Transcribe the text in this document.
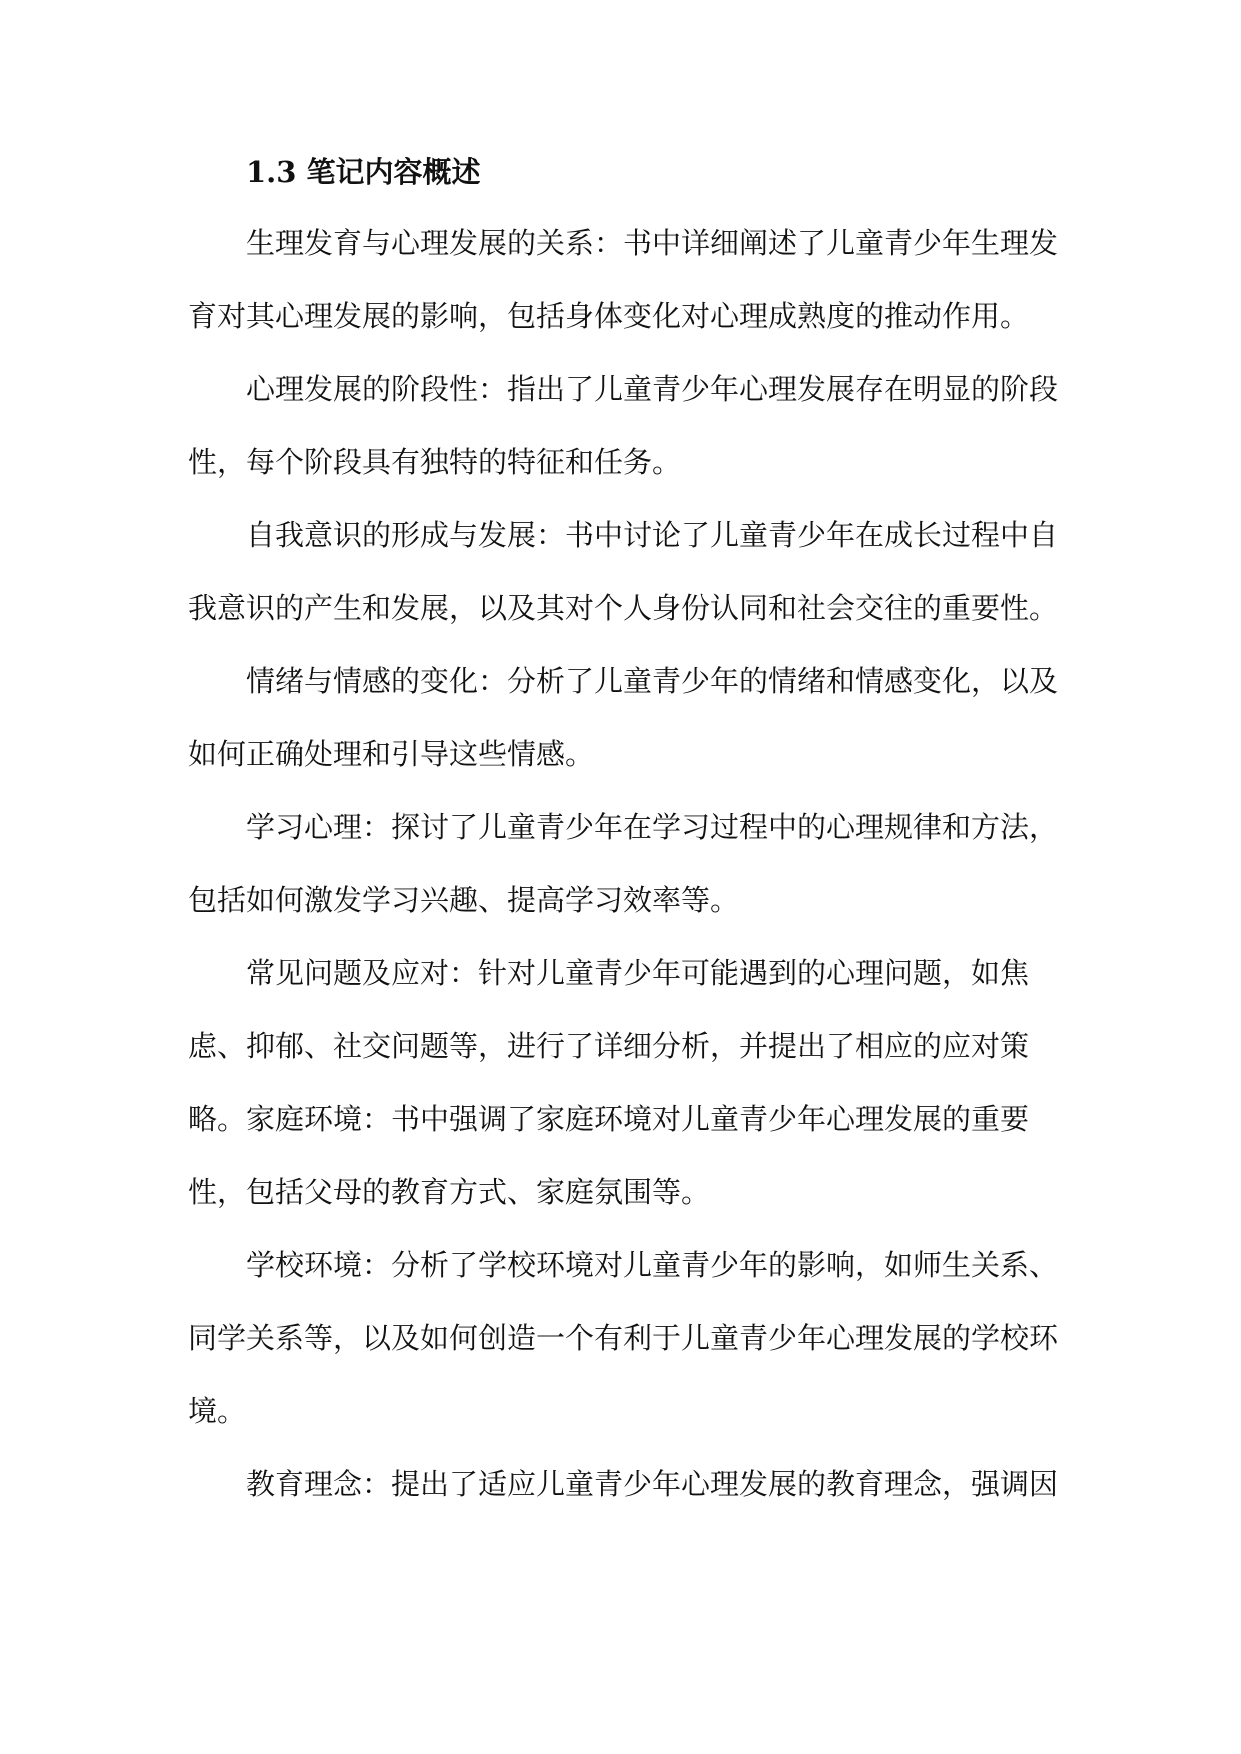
1.3 笔记内容概述

生理发育与心理发展的关系：书中详细阐述了儿童青少年生理发育对其心理发展的影响，包括身体变化对心理成熟度的推动作用。

心理发展的阶段性：指出了儿童青少年心理发展存在明显的阶段性，每个阶段具有独特的特征和任务。

自我意识的形成与发展：书中讨论了儿童青少年在成长过程中自我意识的产生和发展，以及其对个人身份认同和社会交往的重要性。

情绪与情感的变化：分析了儿童青少年的情绪和情感变化，以及如何正确处理和引导这些情感。

学习心理：探讨了儿童青少年在学习过程中的心理规律和方法，包括如何激发学习兴趣、提高学习效率等。

常见问题及应对：针对儿童青少年可能遇到的心理问题，如焦虑、抑郁、社交问题等，进行了详细分析，并提出了相应的应对策略。 家庭环境：书中强调了家庭环境对儿童青少年心理发展的重要性，包括父母的教育方式、家庭氛围等。

学校环境：分析了学校环境对儿童青少年的影响，如师生关系、同学关系等，以及如何创造一个有利于儿童青少年心理发展的学校环境。

教育理念：提出了适应儿童青少年心理发展的教育理念，强调因
